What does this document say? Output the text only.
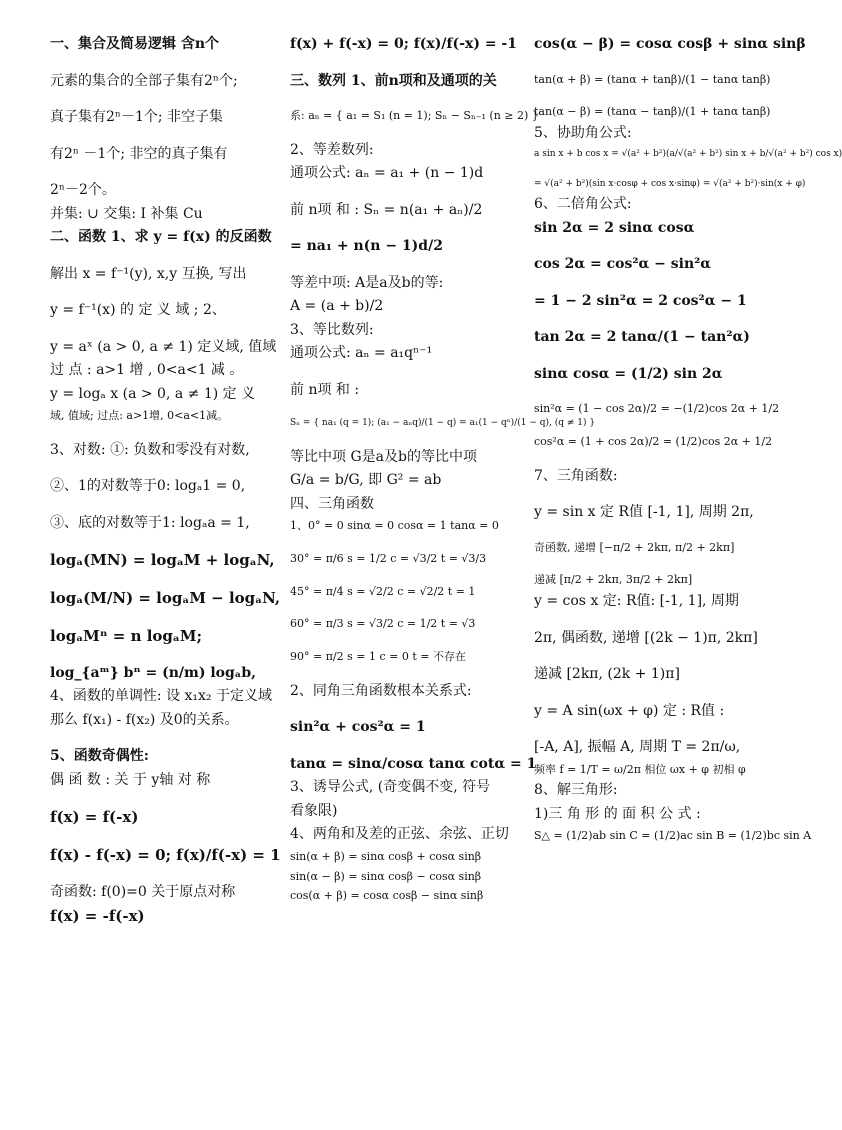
一、集合及简易逻辑 含n个
元素的集合的全部子集有2ⁿ个;
真子集有2ⁿ－1个; 非空子集
有2ⁿ －1个; 非空的真子集有
2ⁿ－2个。
并集: ∪ 交集: I 补集 Cu
二、函数 1、求 y = f(x) 的反函数
解出 x = f⁻¹(y), x,y 互换, 写出
y = f⁻¹(x) 的 定 义 域 ; 2、
y = aˣ (a > 0, a ≠ 1) 定义域, 值域
过 点 : a>1 增 , 0<a<1 减 。
y = logₐ x (a > 0, a ≠ 1) 定 义
域, 值域; 过点: a>1增, 0<a<1减。
3、对数: ①: 负数和零没有对数,
②、1的对数等于0: logₐ1 = 0,
③、底的对数等于1: logₐa = 1,
logₐ(MN) = logₐM + logₐN,
logₐ(M/N) = logₐM − logₐN,
logₐMⁿ = n logₐM;
log_{aᵐ} bⁿ = (n/m) logₐb,
4、函数的单调性: 设 x₁x₂ 于定义域
那么 f(x₁) - f(x₂) 及0的关系。
5、函数奇偶性:
偶 函 数 : 关 于 y轴 对 称
f(x) = f(-x)
f(x) - f(-x) = 0; f(x)/f(-x) = 1
奇函数: f(0)=0 关于原点对称
f(x) = -f(-x)
f(x) + f(-x) = 0; f(x)/f(-x) = -1
三、数列 1、前n项和及通项的关
系: aₙ = { a₁ = S₁ (n = 1); Sₙ − Sₙ₋₁ (n ≥ 2) }
2、等差数列:
通项公式: aₙ = a₁ + (n − 1)d
前 n项 和 : Sₙ = n(a₁ + aₙ)/2
= na₁ + n(n − 1)d/2
等差中项: A是a及b的等:
A = (a + b)/2
3、等比数列:
通项公式: aₙ = a₁qⁿ⁻¹
前 n项 和 :
Sₙ = { na₁ (q = 1); (a₁ − aₙq)/(1 − q) = a₁(1 − qⁿ)/(1 − q), (q ≠ 1) }
等比中项 G是a及b的等比中项
G/a = b/G, 即 G² = ab
四、三角函数
1、0° = 0 sinα = 0 cosα = 1 tanα = 0
30° = π/6 s = 1/2 c = √3/2 t = √3/3
45° = π/4 s = √2/2 c = √2/2 t = 1
60° = π/3 s = √3/2 c = 1/2 t = √3
90° = π/2 s = 1 c = 0 t = 不存在
2、同角三角函数根本关系式:
sin²α + cos²α = 1
tanα = sinα/cosα tanα cotα = 1
3、诱导公式, (奇变偶不变, 符号
看象限)
4、两角和及差的正弦、余弦、正切
sin(α + β) = sinα cosβ + cosα sinβ
sin(α − β) = sinα cosβ − cosα sinβ
cos(α + β) = cosα cosβ − sinα sinβ
cos(α − β) = cosα cosβ + sinα sinβ
tan(α + β) = (tanα + tanβ)/(1 − tanα tanβ)
tan(α − β) = (tanα − tanβ)/(1 + tanα tanβ)
5、协助角公式:
a sin x + b cos x = √(a² + b²)(a/√(a² + b²) sin x + b/√(a² + b²) cos x)
= √(a² + b²)(sin x·cosφ + cos x·sinφ) = √(a² + b²)·sin(x + φ)
6、二倍角公式:
sin 2α = 2 sinα cosα
cos 2α = cos²α − sin²α
= 1 − 2 sin²α = 2 cos²α − 1
tan 2α = 2 tanα/(1 − tan²α)
sinα cosα = (1/2) sin 2α
sin²α = (1 − cos 2α)/2 = −(1/2)cos 2α + 1/2
cos²α = (1 + cos 2α)/2 = (1/2)cos 2α + 1/2
7、三角函数:
y = sin x 定 R值 [-1, 1], 周期 2π,
奇函数, 递增 [−π/2 + 2kπ, π/2 + 2kπ]
递减 [π/2 + 2kπ, 3π/2 + 2kπ]
y = cos x 定: R值: [-1, 1], 周期
2π, 偶函数, 递增 [(2k − 1)π, 2kπ]
递减 [2kπ, (2k + 1)π]
y = A sin(ωx + φ) 定 : R值 :
[-A, A], 振幅 A, 周期 T = 2π/ω,
频率 f = 1/T = ω/2π 相位 ωx + φ 初相 φ
8、解三角形:
1)三 角 形 的 面 积 公 式 :
S△ = (1/2)ab sin C = (1/2)ac sin B = (1/2)bc sin A
